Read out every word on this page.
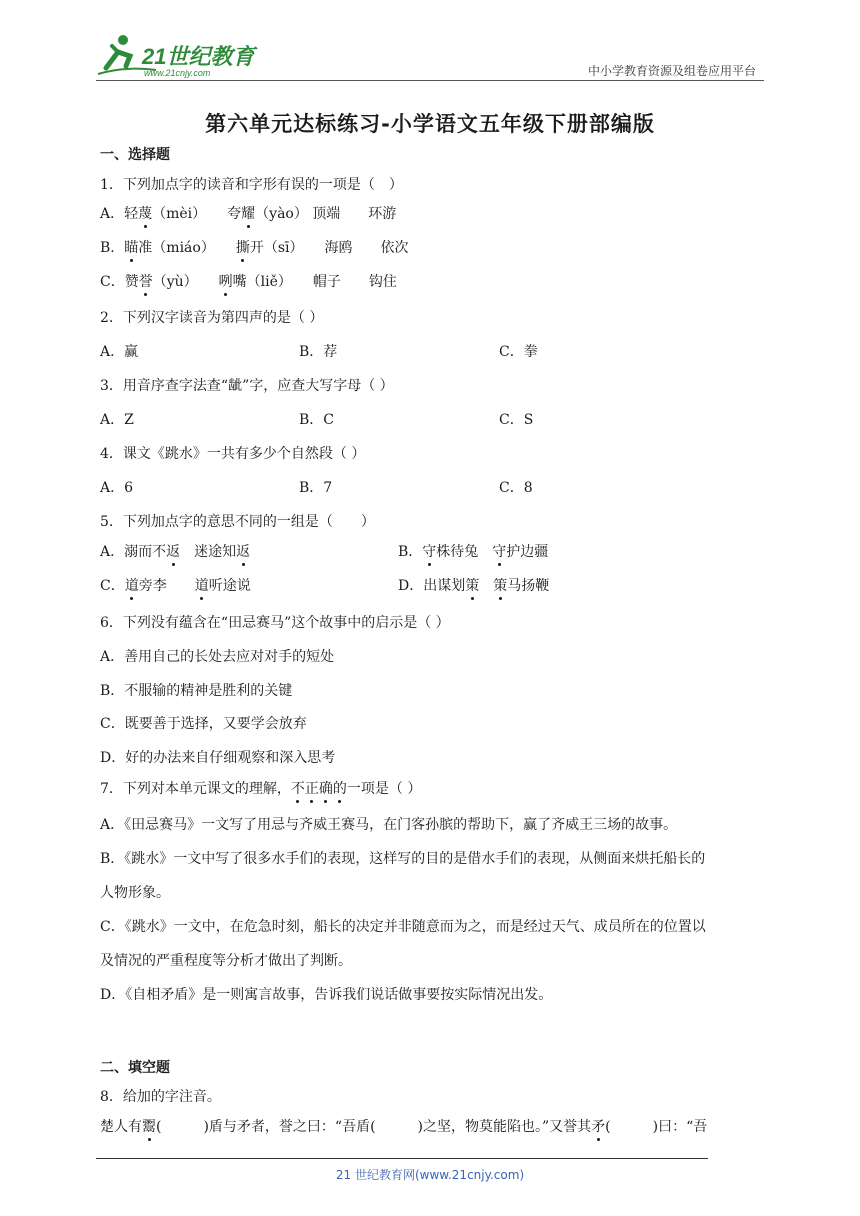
21世纪教育
www.21cnjy.com	中小学教育资源及组卷应用平台
第六单元达标练习-小学语文五年级下册部编版
一、选择题
1．下列加点字的读音和字形有误的一项是（　）
A．轻蔑（mèi）　　夸耀（yào） 顶端　　环游
B．瞄准（miáo）　　撕开（sī）　　海鸥　　依次
C．赞誉（yù）　　咧嘴（liě）　　帽子　　钩住
2．下列汉字读音为第四声的是（ ）
A．赢	B．荐	C．拳
3．用音序查字法查“龇”字，应查大写字母（ ）
A．Z	B．C	C．S
4．课文《跳水》一共有多少个自然段（ ）
A．6	B．7	C．8
5．下列加点字的意思不同的一组是（　　）
A．溺而不返　迷途知返	B．守株待兔　守护边疆
C．道旁李　　道听途说	D．出谋划策　 策马扬鞭
6．下列没有蕴含在“田忌赛马”这个故事中的启示是（ ）
A．善用自己的长处去应对对手的短处
B．不服输的精神是胜利的关键
C．既要善于选择，又要学会放弃
D．好的办法来自仔细观察和深入思考
7．下列对本单元课文的理解，不正确的一项是（ ）
A．《田忌赛马》一文写了用忌与齐威王赛马，在门客孙膑的帮助下，赢了齐威王三场的故事。
B．《跳水》一文中写了很多水手们的表现，这样写的目的是借水手们的表现，从侧面来烘托船长的
人物形象。
C．《跳水》一文中，在危急时刻，船长的决定并非随意而为之，而是经过天气、成员所在的位置以
及情况的严重程度等分析才做出了判断。
D．《自相矛盾》是一则寓言故事，告诉我们说话做事要按实际情况出发。
二、填空题
8．给加的字注音。
楚人有鬻(　　　)盾与矛者，誉之曰：“吾盾(　　　)之坚，物莫能陷也。”又誉其矛(　　　)曰：“吾
21 世纪教育网(www.21cnjy.com)
